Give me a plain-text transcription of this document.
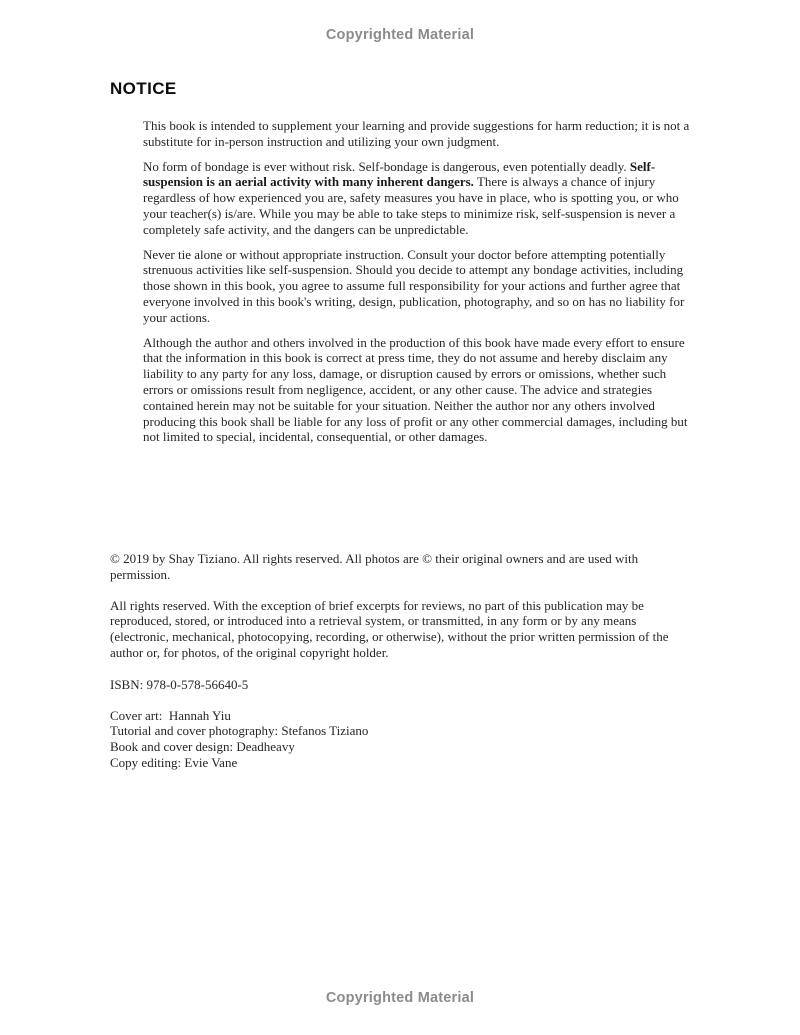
Copyrighted Material
NOTICE

This book is intended to supplement your learning and provide suggestions for harm reduction; it is not a substitute for in-person instruction and utilizing your own judgment.

No form of bondage is ever without risk. Self-bondage is dangerous, even potentially deadly. Self-suspension is an aerial activity with many inherent dangers. There is always a chance of injury regardless of how experienced you are, safety measures you have in place, who is spotting you, or who your teacher(s) is/are. While you may be able to take steps to minimize risk, self-suspension is never a completely safe activity, and the dangers can be unpredictable.

Never tie alone or without appropriate instruction. Consult your doctor before attempting potentially strenuous activities like self-suspension. Should you decide to attempt any bondage activities, including those shown in this book, you agree to assume full responsibility for your actions and further agree that everyone involved in this book's writing, design, publication, photography, and so on has no liability for your actions.

Although the author and others involved in the production of this book have made every effort to ensure that the information in this book is correct at press time, they do not assume and hereby disclaim any liability to any party for any loss, damage, or disruption caused by errors or omissions, whether such errors or omissions result from negligence, accident, or any other cause. The advice and strategies contained herein may not be suitable for your situation. Neither the author nor any others involved producing this book shall be liable for any loss of profit or any other commercial damages, including but not limited to special, incidental, consequential, or other damages.

© 2019 by Shay Tiziano. All rights reserved. All photos are © their original owners and are used with permission.

All rights reserved. With the exception of brief excerpts for reviews, no part of this publication may be reproduced, stored, or introduced into a retrieval system, or transmitted, in any form or by any means (electronic, mechanical, photocopying, recording, or otherwise), without the prior written permission of the author or, for photos, of the original copyright holder.

ISBN: 978-0-578-56640-5

Cover art:  Hannah Yiu
Tutorial and cover photography: Stefanos Tiziano
Book and cover design: Deadheavy
Copy editing: Evie Vane
Copyrighted Material
